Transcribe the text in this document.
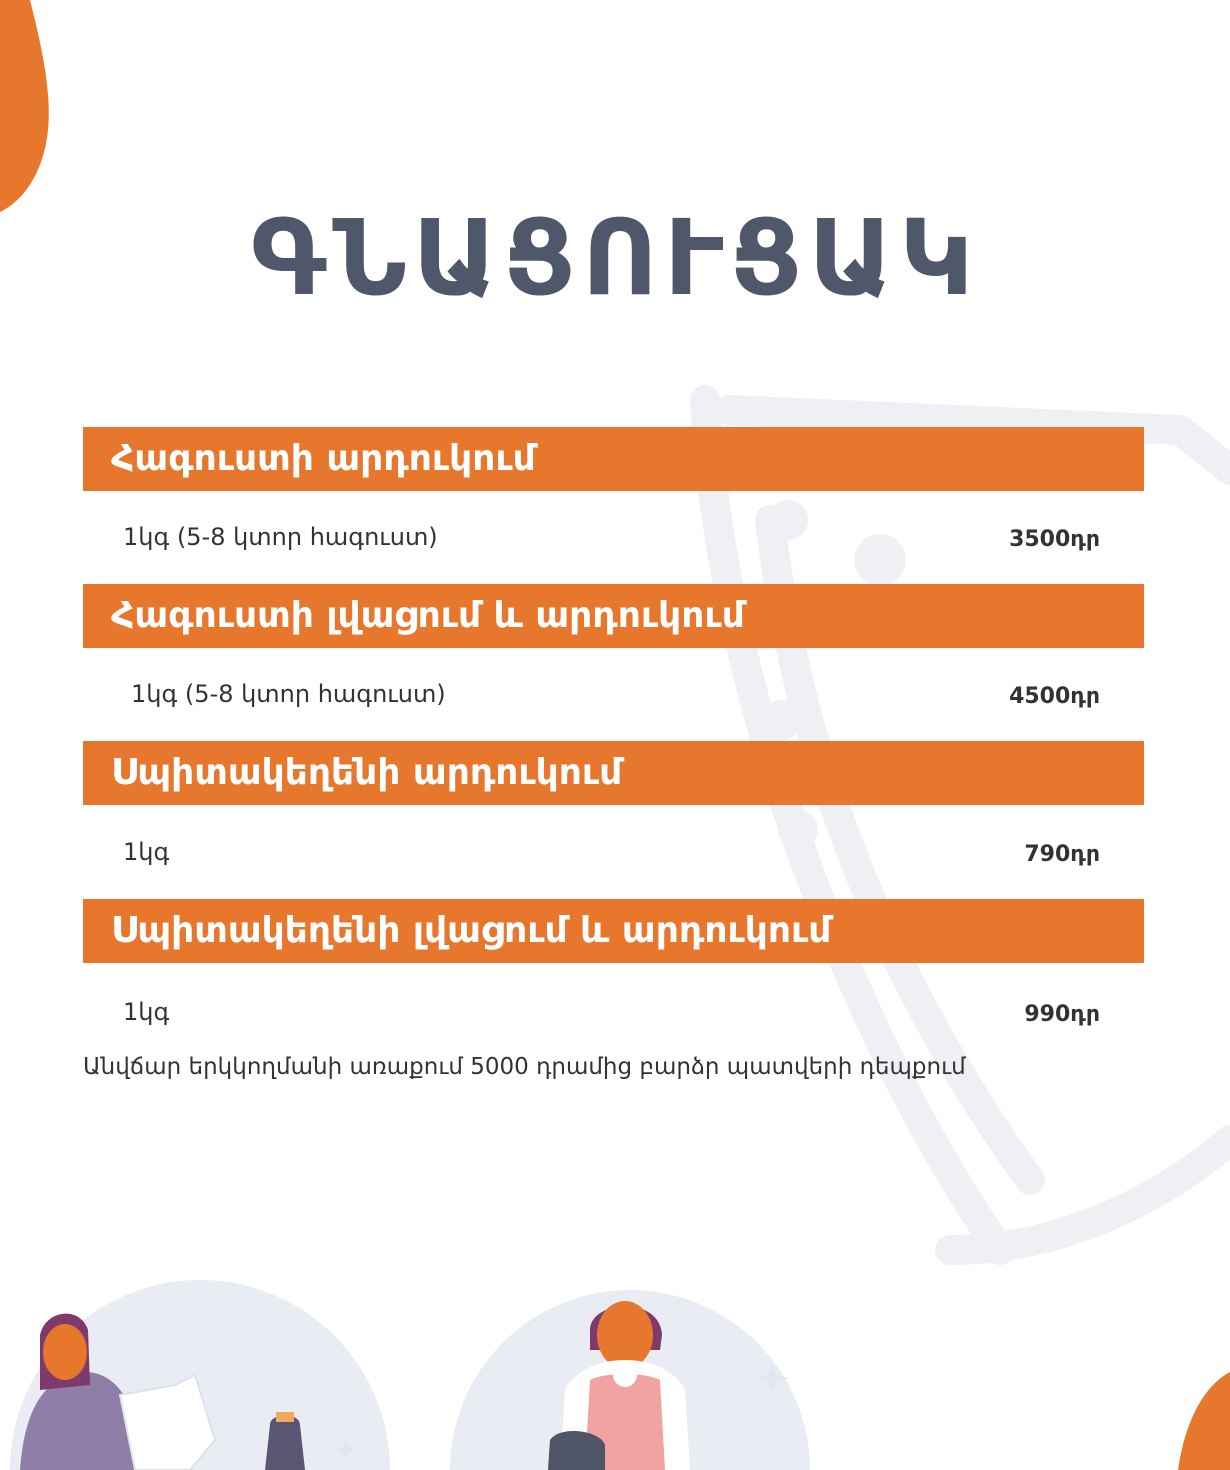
ԳՆԱՑՈՒՑԱԿ
Հագուստի արդուկում
1կգ (5-8 կտոր հագուստ)	3500դր
Հագուստի լվացում և արդուկում
1կգ (5-8 կտոր հագուստ)	4500դր
Սպիտակեղենի արդուկում
1կգ	790դր
Սպիտակեղենի լվացում և արդուկում
1կգ	990դր
Անվճար երկկողմանի առաքում 5000 դրամից բարձր պատվերի դեպքում
